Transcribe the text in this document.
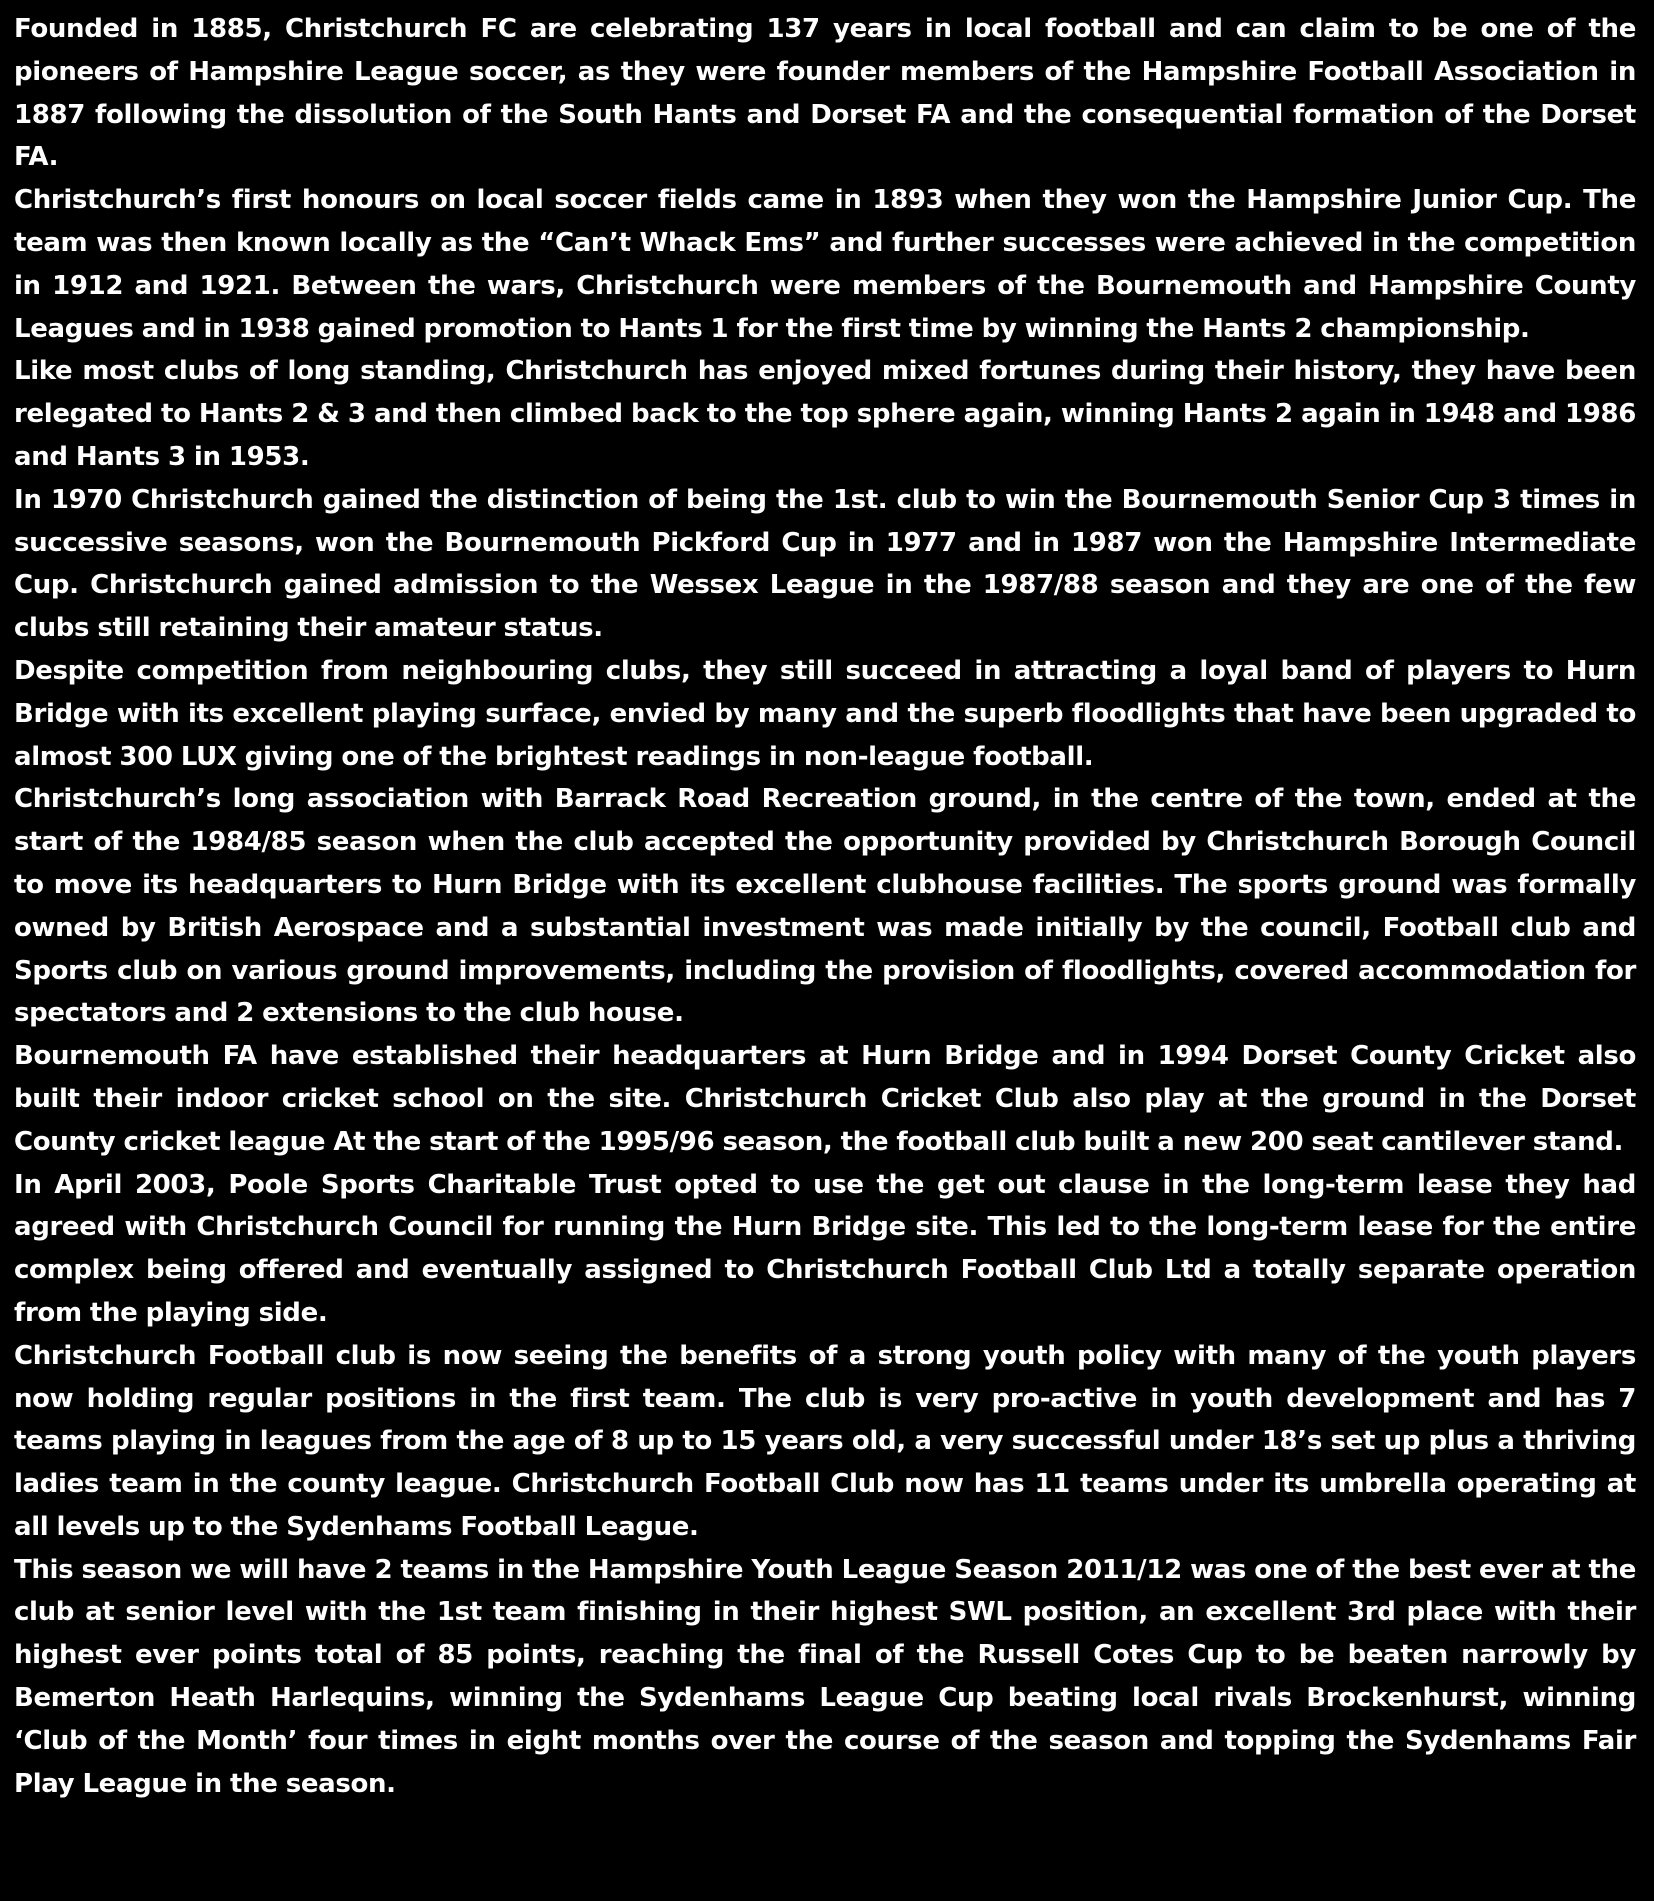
Founded in 1885, Christchurch FC are celebrating 137 years in local football and can claim to be one of the pioneers of Hampshire League soccer, as they were founder members of the Hampshire Football Association in 1887 following the dissolution of the South Hants and Dorset FA and the consequential formation of the Dorset FA.

Christchurch’s first honours on local soccer fields came in 1893 when they won the Hampshire Junior Cup. The team was then known locally as the “Can’t Whack Ems” and further successes were achieved in the competition in 1912 and 1921. Between the wars, Christchurch were members of the Bournemouth and Hampshire County Leagues and in 1938 gained promotion to Hants 1 for the first time by winning the Hants 2 championship.

Like most clubs of long standing, Christchurch has enjoyed mixed fortunes during their history, they have been relegated to Hants 2 & 3 and then climbed back to the top sphere again, winning Hants 2 again in 1948 and 1986 and Hants 3 in 1953.

In 1970 Christchurch gained the distinction of being the 1st. club to win the Bournemouth Senior Cup 3 times in successive seasons, won the Bournemouth Pickford Cup in 1977 and in 1987 won the Hampshire Intermediate Cup. Christchurch gained admission to the Wessex League in the 1987/88 season and they are one of the few clubs still retaining their amateur status.

Despite competition from neighbouring clubs, they still succeed in attracting a loyal band of players to Hurn Bridge with its excellent playing surface, envied by many and the superb floodlights that have been upgraded to almost 300 LUX giving one of the brightest readings in non-league football.

Christchurch’s long association with Barrack Road Recreation ground, in the centre of the town, ended at the start of the 1984/85 season when the club accepted the opportunity provided by Christchurch Borough Council to move its headquarters to Hurn Bridge with its excellent clubhouse facilities. The sports ground was formally owned by British Aerospace and a substantial investment was made initially by the council, Football club and Sports club on various ground improvements, including the provision of floodlights, covered accommodation for spectators and 2 extensions to the club house.

Bournemouth FA have established their headquarters at Hurn Bridge and in 1994 Dorset County Cricket also built their indoor cricket school on the site. Christchurch Cricket Club also play at the ground in the Dorset County cricket league At the start of the 1995/96 season, the football club built a new 200 seat cantilever stand.

In April 2003, Poole Sports Charitable Trust opted to use the get out clause in the long-term lease they had agreed with Christchurch Council for running the Hurn Bridge site. This led to the long-term lease for the entire complex being offered and eventually assigned to Christchurch Football Club Ltd a totally separate operation from the playing side.

Christchurch Football club is now seeing the benefits of a strong youth policy with many of the youth players now holding regular positions in the first team. The club is very pro-active in youth development and has 7 teams playing in leagues from the age of 8 up to 15 years old, a very successful under 18’s set up plus a thriving ladies team in the county league. Christchurch Football Club now has 11 teams under its umbrella operating at all levels up to the Sydenhams Football League.

This season we will have 2 teams in the Hampshire Youth League Season 2011/12 was one of the best ever at the club at senior level with the 1st team finishing in their highest SWL position, an excellent 3rd place with their highest ever points total of 85 points, reaching the final of the Russell Cotes Cup to be beaten narrowly by Bemerton Heath Harlequins, winning the Sydenhams League Cup beating local rivals Brockenhurst, winning ‘Club of the Month’ four times in eight months over the course of the season and topping the Sydenhams Fair Play League in the season.
